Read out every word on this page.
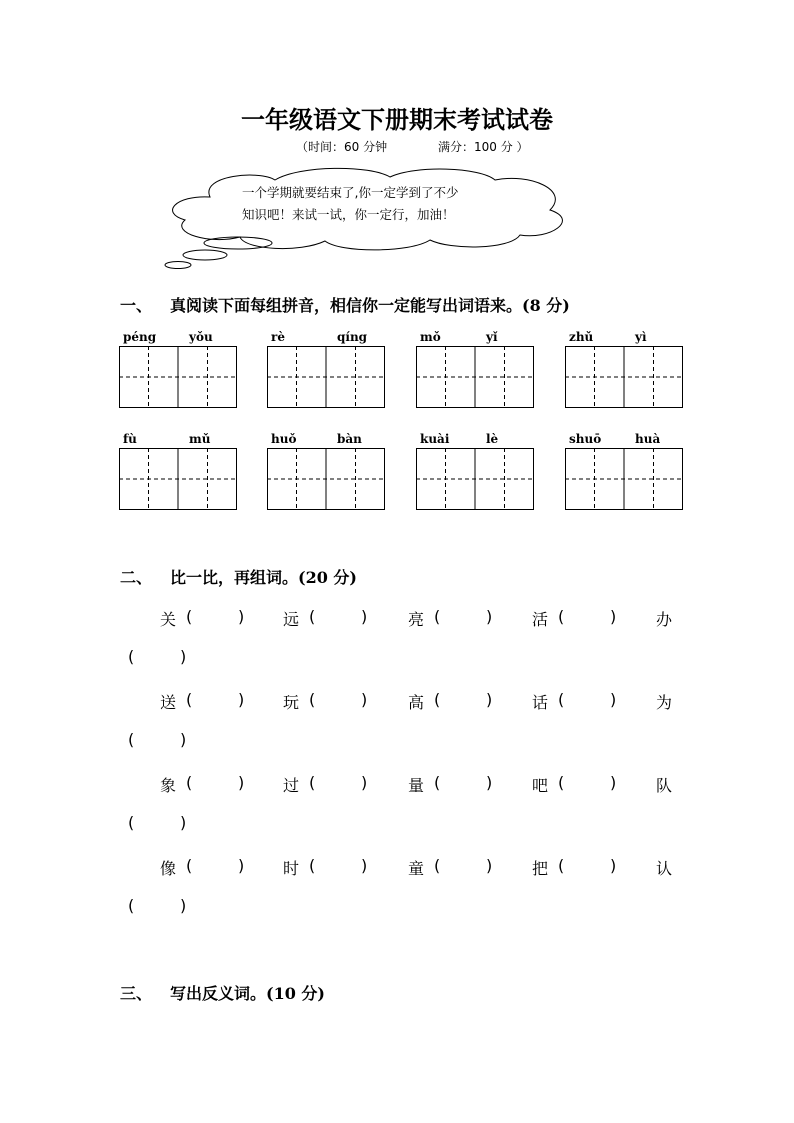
一年级语文下册期末考试试卷
（时间：60 分钟	满分：100 分 ）
一个学期就要结束了,你一定学到了不少
知识吧！来试一试，你一定行，加油！
一、 真阅读下面每组拼音，相信你一定能写出词语来。(8 分)
péng	yǒu	rè	qíng	mǒ	yǐ	zhǔ	yì
fù	mǔ	huǒ	bàn	kuài	lè	shuō	huà
二、 比一比，再组词。(20 分)
关 (         ) 远 (         )	亮 (         ) 活 (         ) 办
(         )
送 (         ) 玩 (         )	高 (         ) 话 (         ) 为
(         )
象 (         ) 过 (         )	量 (         ) 吧 (         ) 队
(         )
像 (         ) 时 (         )	童 (         ) 把 (         ) 认
(         )
三、 写出反义词。(10 分)
